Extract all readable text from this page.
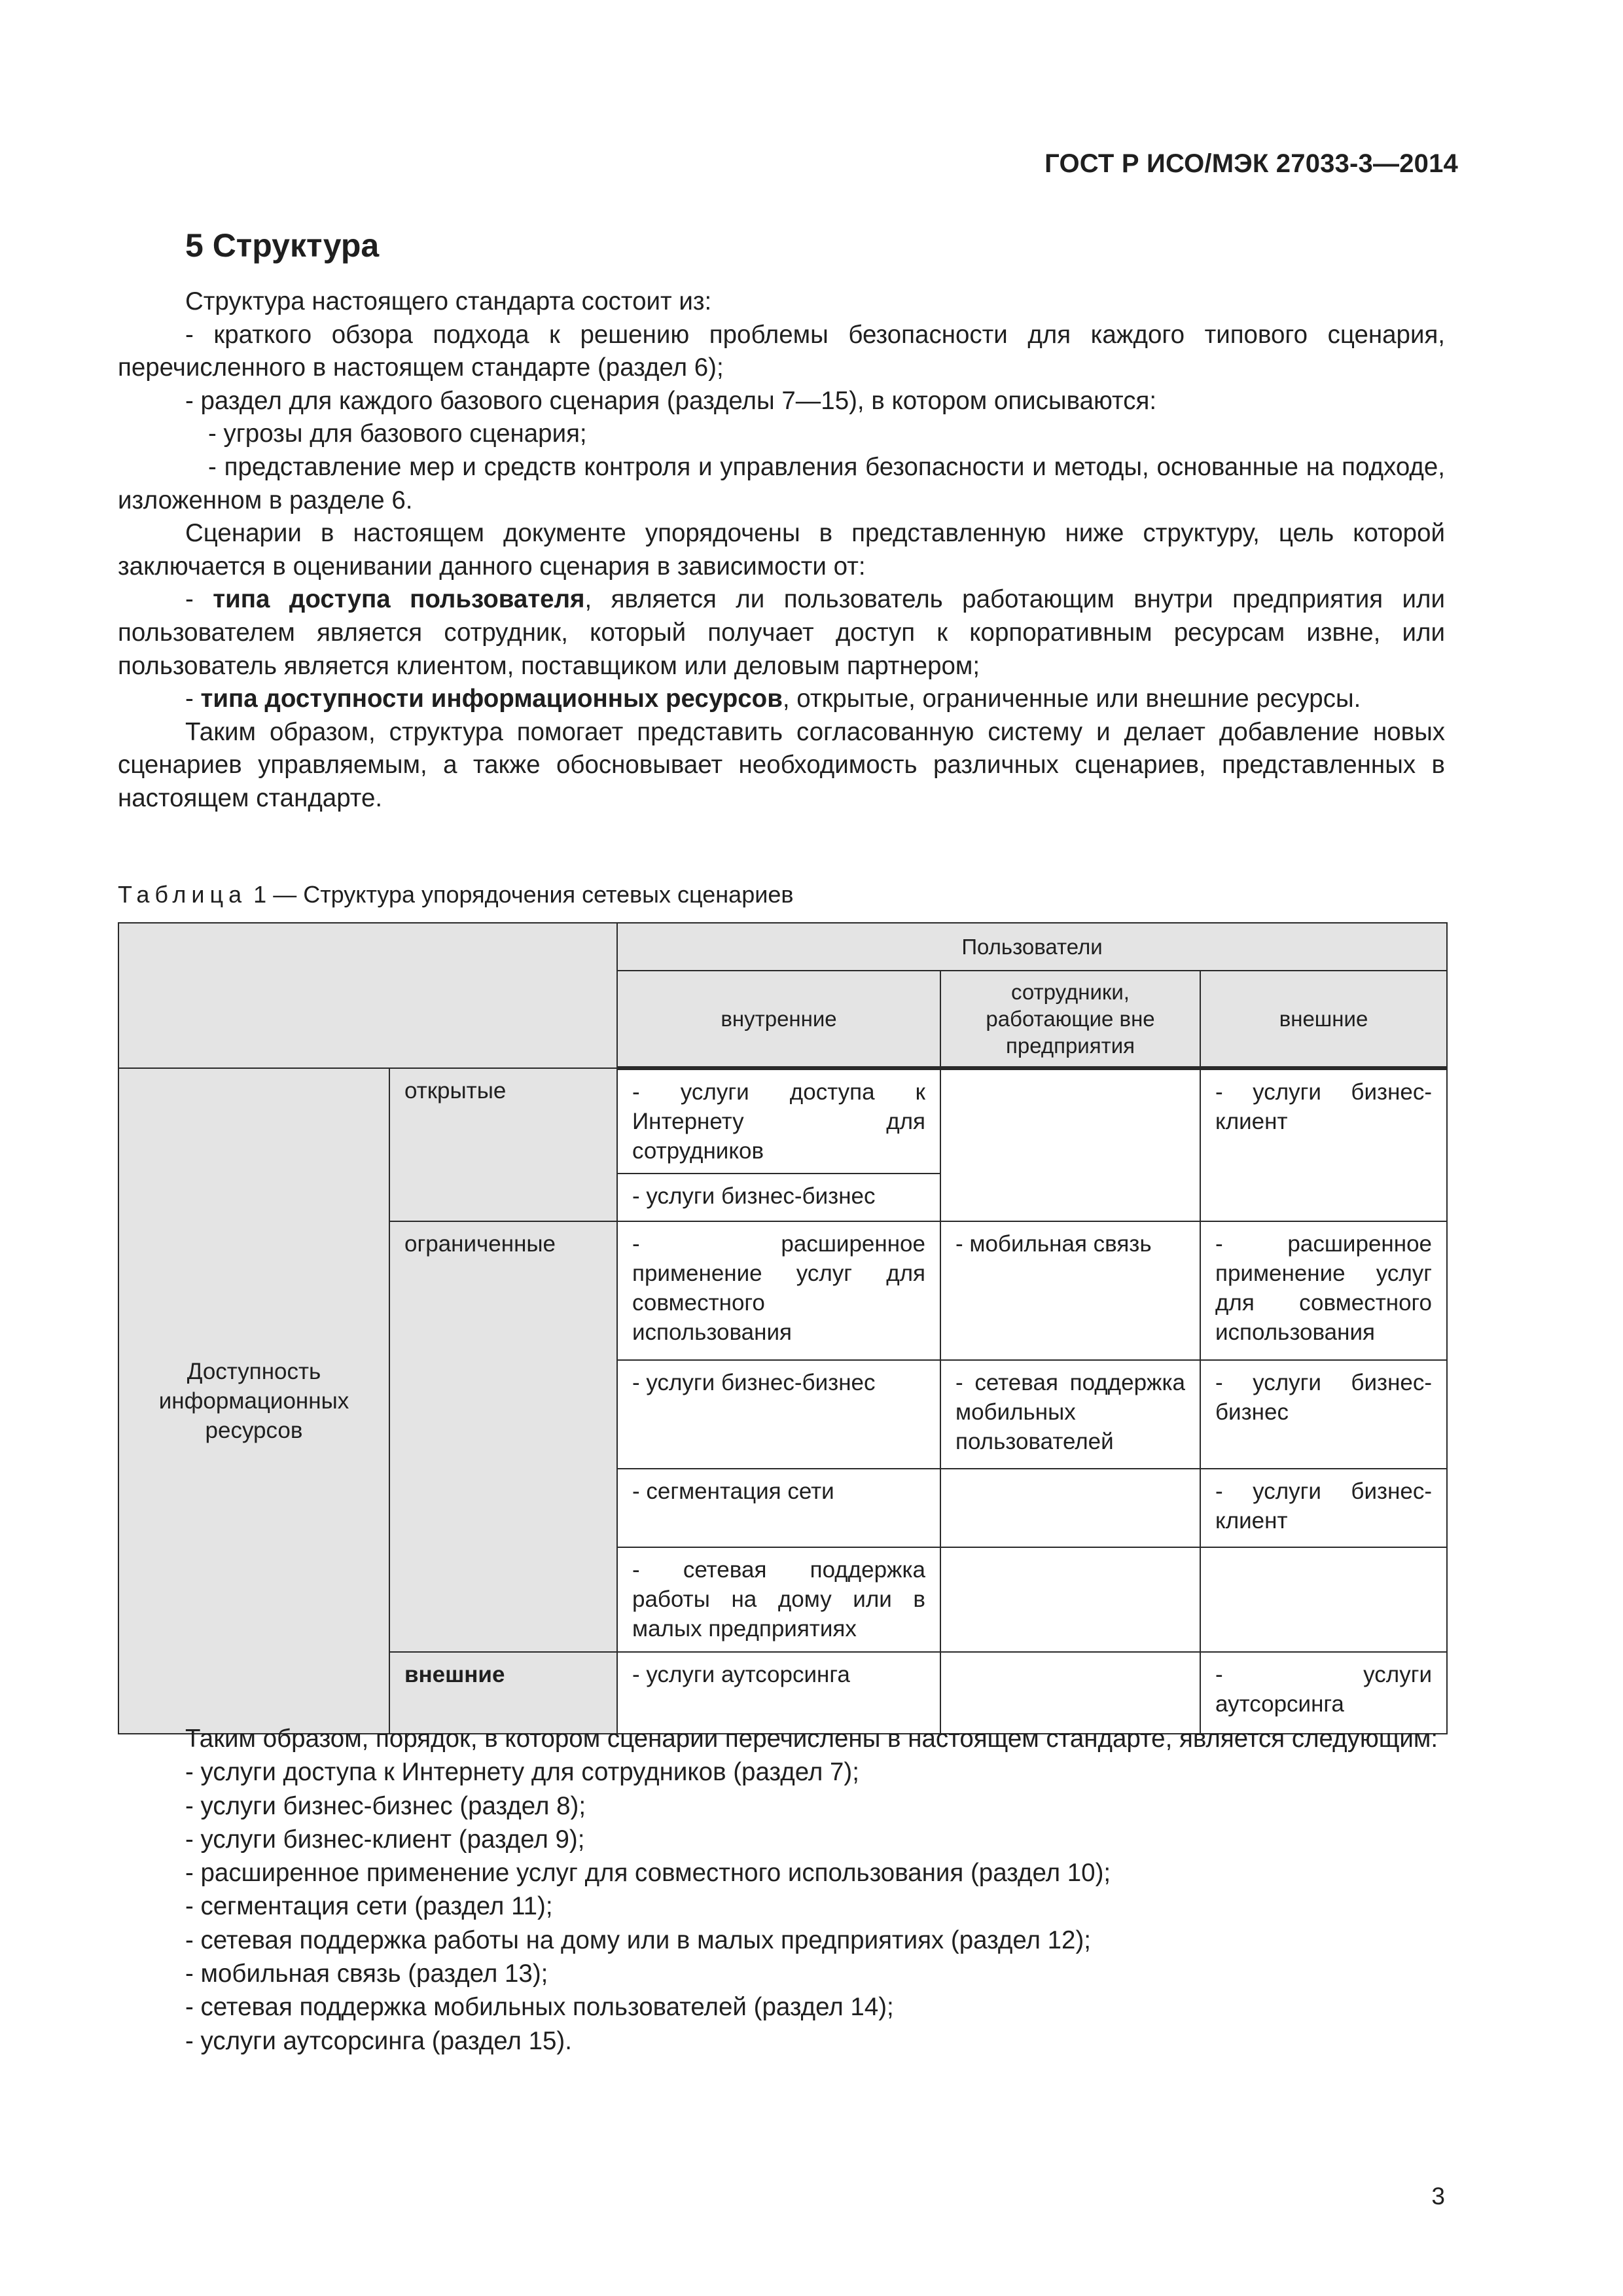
ГОСТ Р ИСО/МЭК 27033-3—2014
5 Структура

Структура настоящего стандарта состоит из:

- краткого обзора подхода к решению проблемы безопасности для каждого типового сценария, перечисленного в настоящем стандарте (раздел 6);

- раздел для каждого базового сценария (разделы 7—15), в котором описываются:

- угрозы для базового сценария;

- представление мер и средств контроля и управления безопасности и методы, основанные на подходе, изложенном в разделе 6.

Сценарии в настоящем документе упорядочены в представленную ниже структуру, цель которой заключается в оценивании данного сценария в зависимости от:

- типа доступа пользователя, является ли пользователь работающим внутри предприятия или пользователем является сотрудник, который получает доступ к корпоративным ресурсам извне, или пользователь является клиентом, поставщиком или деловым партнером;

- типа доступности информационных ресурсов, открытые, ограниченные или внешние ресурсы.

Таким образом, структура помогает представить согласованную систему и делает добавление новых сценариев управляемым, а также обосновывает необходимость различных сценариев, представленных в настоящем стандарте.

Таблица 1 — Структура упорядочения сетевых сценариев
		Пользователи		
		внутренние	сотрудники, работающие вне предприятия	внешние
Доступность информационных ресурсов	открытые	- услуги доступа к Интернету для сотрудников		- услуги бизнес-клиент
		- услуги бизнес-бизнес		
	ограниченные	- расширенное применение услуг для совместного использования	- мобильная связь	- расширенное применение услуг для совместного использования
		- услуги бизнес-бизнес	- сетевая поддержка мобильных пользователей	- услуги бизнес-бизнес
		- сегментация сети		- услуги бизнес-клиент
		- сетевая поддержка работы на дому или в малых предприятиях		
	внешние	- услуги аутсорсинга		- услуги аутсорсинга

Таким образом, порядок, в котором сценарии перечислены в настоящем стандарте, является следующим:

- услуги доступа к Интернету для сотрудников (раздел 7);

- услуги бизнес-бизнес (раздел 8);

- услуги бизнес-клиент (раздел 9);

- расширенное применение услуг для совместного использования (раздел 10);

- сегментация сети (раздел 11);

- сетевая поддержка работы на дому или в малых предприятиях (раздел 12);

- мобильная связь (раздел 13);

- сетевая поддержка мобильных пользователей (раздел 14);

- услуги аутсорсинга (раздел 15).

3
